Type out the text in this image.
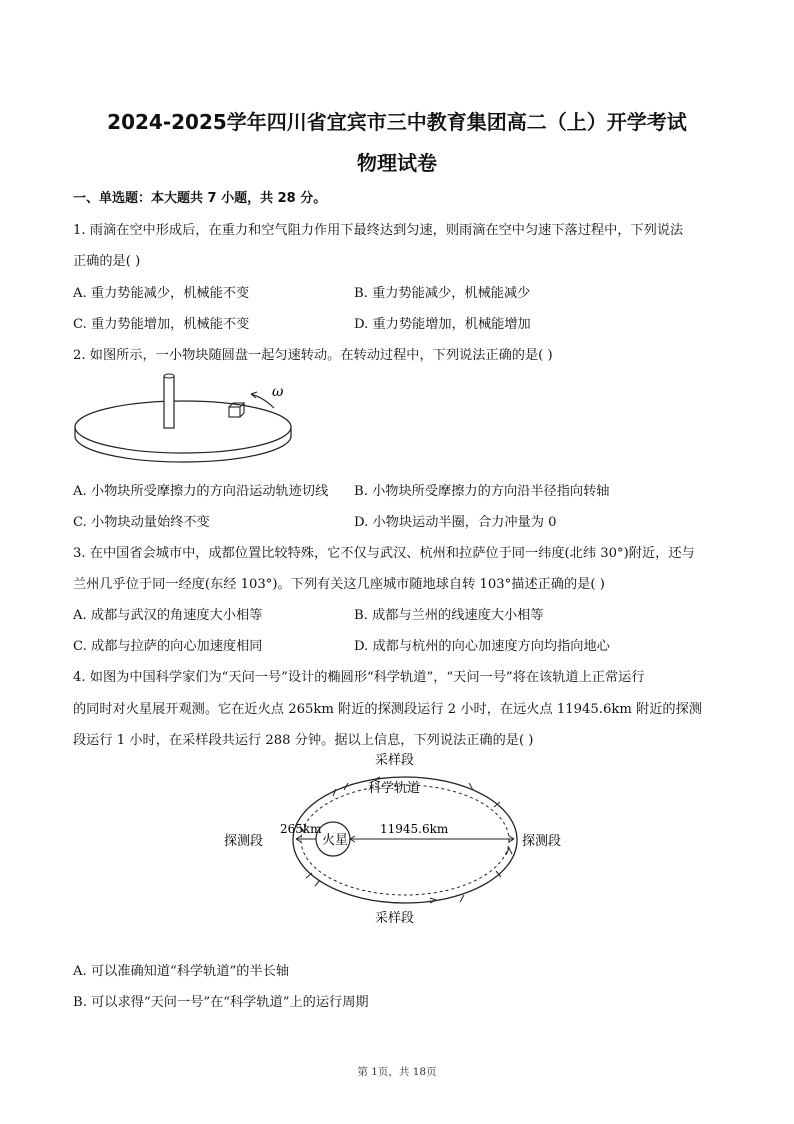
2024-2025学年四川省宜宾市三中教育集团高二（上）开学考试
物理试卷
一、单选题：本大题共 7 小题，共 28 分。
1. 雨滴在空中形成后，在重力和空气阻力作用下最终达到匀速，则雨滴在空中匀速下落过程中，下列说法
正确的是( )
A. 重力势能减少，机械能不变	B. 重力势能减少，机械能减少
C. 重力势能增加，机械能不变	D. 重力势能增加，机械能增加
2. 如图所示，一小物块随圆盘一起匀速转动。在转动过程中，下列说法正确的是( )
ω
A. 小物块所受摩擦力的方向沿运动轨迹切线 B. 小物块所受摩擦力的方向沿半径指向转轴
C. 小物块动量始终不变	D. 小物块运动半圈，合力冲量为 0
3. 在中国省会城市中，成都位置比较特殊，它不仅与武汉、杭州和拉萨位于同一纬度(北纬 30°)附近，还与
兰州几乎位于同一经度(东经 103°)。下列有关这几座城市随地球自转 103°描述正确的是( )
A. 成都与武汉的角速度大小相等	B. 成都与兰州的线速度大小相等
C. 成都与拉萨的向心加速度相同	D. 成都与杭州的向心加速度方向均指向地心
4. 如图为中国科学家们为“天问一号”设计的椭圆形“科学轨道”，“天问一号”将在该轨道上正常运行
的同时对火星展开观测。它在近火点 265km 附近的探测段运行 2 小时，在远火点 11945.6km 附近的探测
段运行 1 小时，在采样段共运行 288 分钟。据以上信息，下列说法正确的是( )
火星
265km	11945.6km
采样段
科学轨道
探测段	探测段
采样段
A. 可以准确知道“科学轨道”的半长轴
B. 可以求得“天问一号”在“科学轨道”上的运行周期
第 1页，共 18页
